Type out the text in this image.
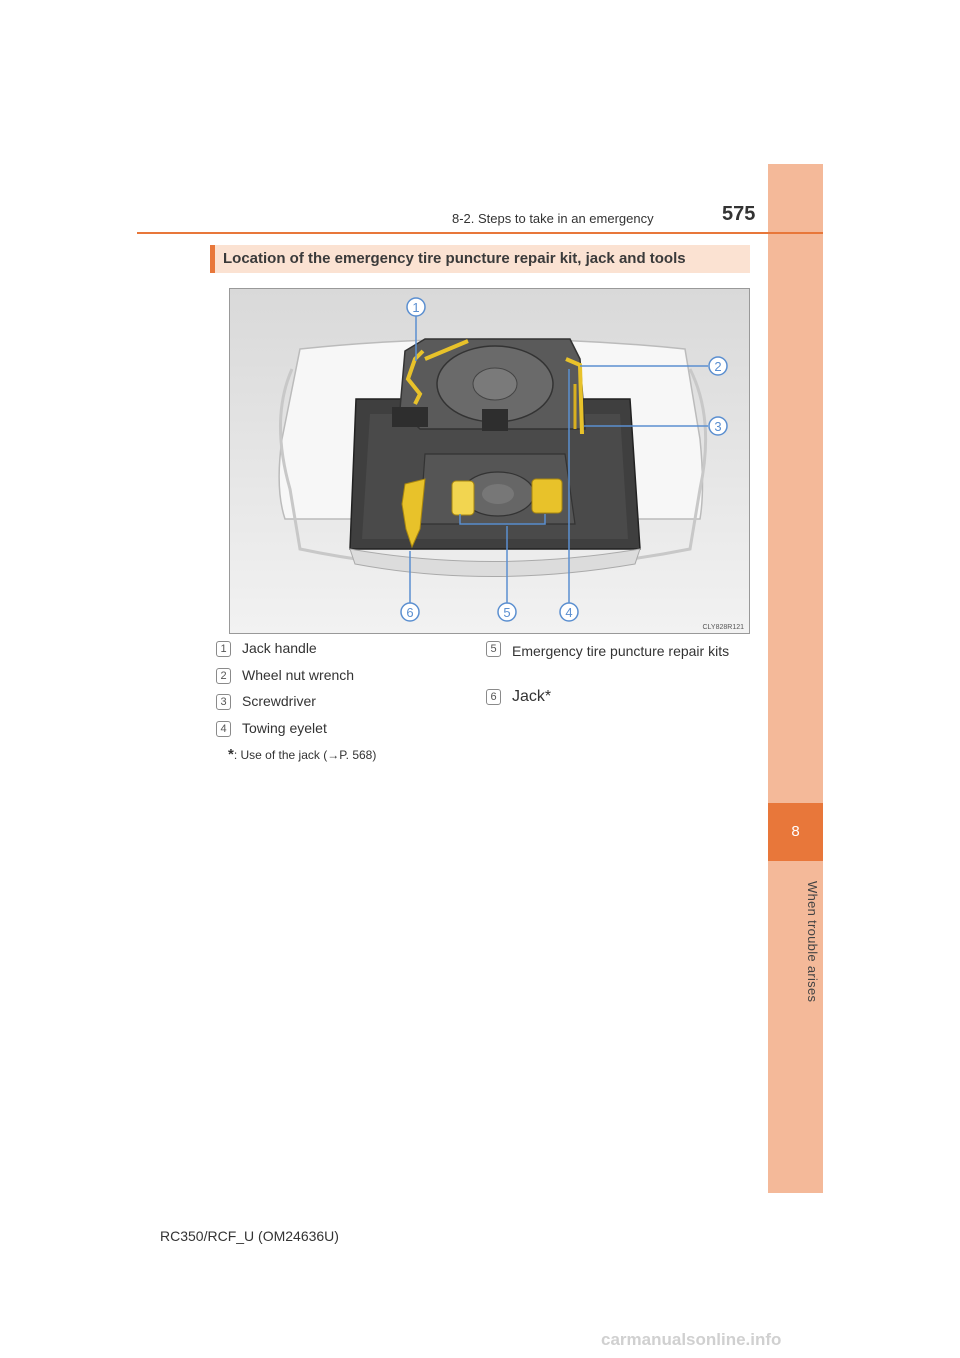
8
When trouble arises
8-2. Steps to take in an emergency	575
Location of the emergency tire puncture repair kit, jack and tools
1
2
3
4
5
6
CLY828R121
1	Jack handle
2	Wheel nut wrench
3	Screwdriver
4	Towing eyelet
5	Emergency tire puncture repair kits
6 Jack*
*: Use of the jack (→P. 568)
RC350/RCF_U (OM24636U)
carmanualsonline.info
